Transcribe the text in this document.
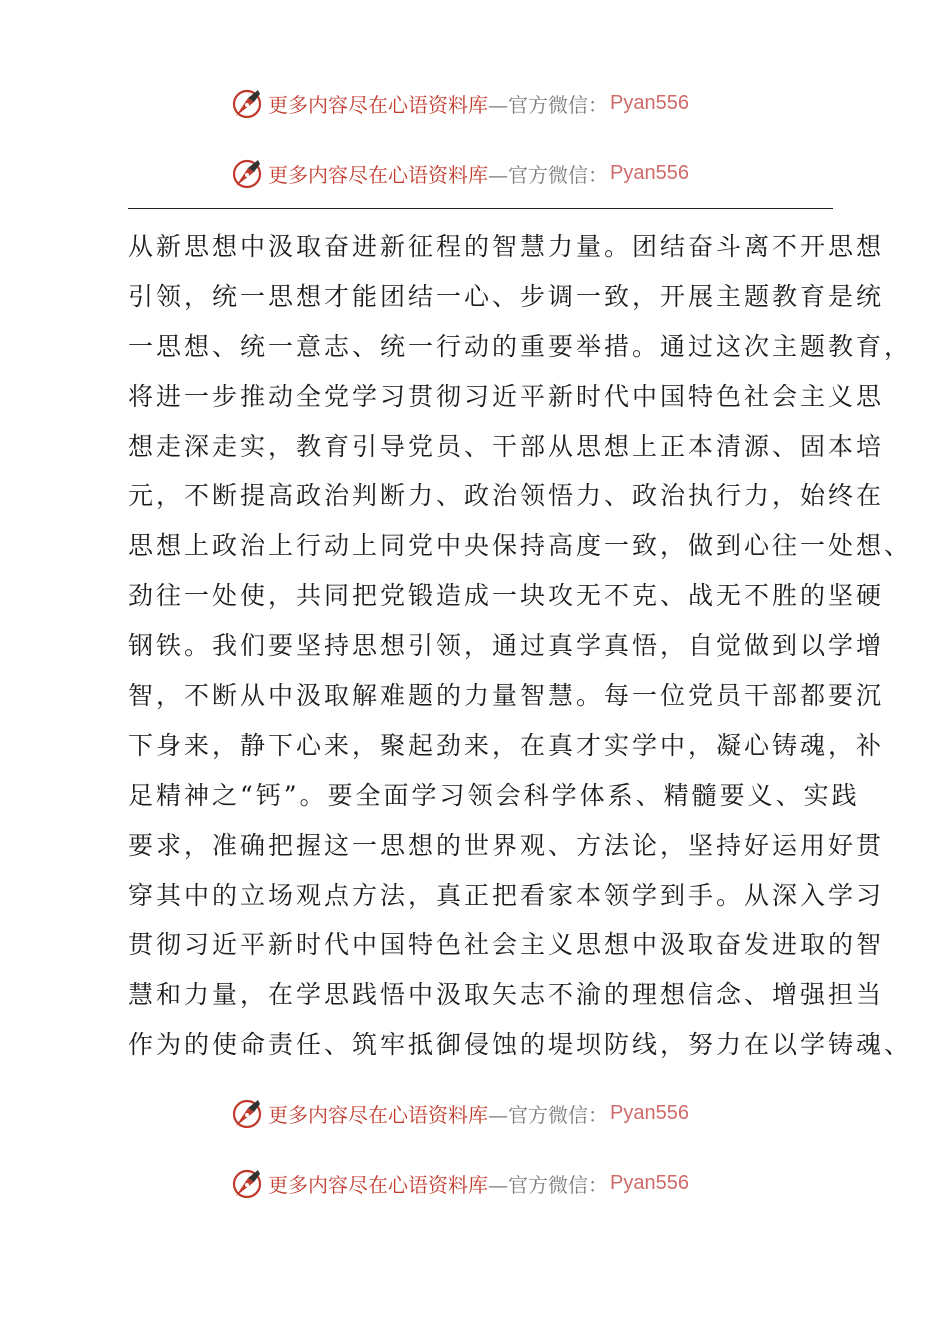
更多内容尽在心语资料库 —官方微信： Pyan556
更多内容尽在心语资料库 —官方微信： Pyan556
从新思想中汲取奋进新征程的智慧力量。团结奋斗离不开思想
引领，统一思想才能团结一心、步调一致，开展主题教育是统
一思想、统一意志、统一行动的重要举措。通过这次主题教育，
将进一步推动全党学习贯彻习近平新时代中国特色社会主义思
想走深走实，教育引导党员、干部从思想上正本清源、固本培
元，不断提高政治判断力、政治领悟力、政治执行力，始终在
思想上政治上行动上同党中央保持高度一致，做到心往一处想、
劲往一处使，共同把党锻造成一块攻无不克、战无不胜的坚硬
钢铁。我们要坚持思想引领，通过真学真悟，自觉做到以学增
智，不断从中汲取解难题的力量智慧。每一位党员干部都要沉
下身来，静下心来，聚起劲来，在真才实学中，凝心铸魂，补
足精神之“钙”。要全面学习领会科学体系、精髓要义、实践
要求，准确把握这一思想的世界观、方法论，坚持好运用好贯
穿其中的立场观点方法，真正把看家本领学到手。从深入学习
贯彻习近平新时代中国特色社会主义思想中汲取奋发进取的智
慧和力量，在学思践悟中汲取矢志不渝的理想信念、增强担当
作为的使命责任、筑牢抵御侵蚀的堤坝防线，努力在以学铸魂、
更多内容尽在心语资料库 —官方微信： Pyan556
更多内容尽在心语资料库 —官方微信： Pyan556
